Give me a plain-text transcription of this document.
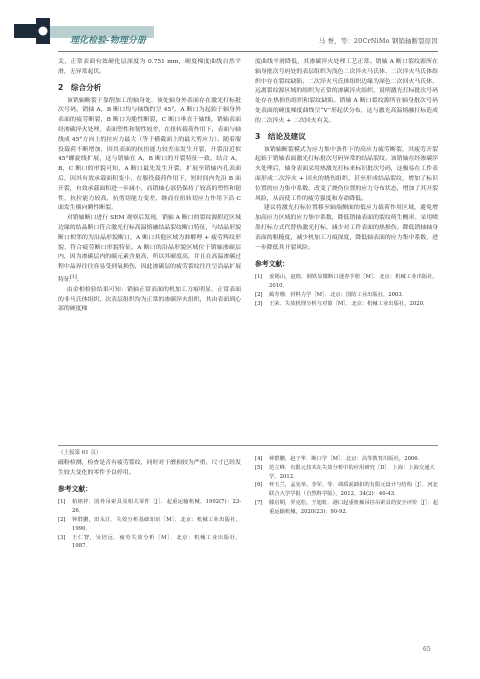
理化检验-物理分册	马 誉，等：20CrNiMo 钢销轴断裂原因

关，正常表面有效硬化层深度为 0.751 mm，硬度梯度曲线自然平滑，无异常起伏。

2　综合分析

该销轴断裂于靠削加工的轴身处，该处轴身外表面存在激光打标批次号码，销轴 A，B 断口均与轴线约呈 45°。A 断口为起始于轴身外表面的疲劳断裂，B 断口为脆性断裂，C 断口垂直于轴线。销轴表面经渗碳淬火处理，表面塑性和韧性较差，在扭转载荷作用下，表面与轴线成 45°方向上的拉应力最大（等于横截面上的最大剪应力）。随着服役载荷不断增加，因其表面的抗扭能力较差而发生开裂，开裂沿近似 45°螺旋线扩展，这与销轴在 A，B 断口的开裂特征一致。结合 A，B，C 断口的形貌可知，A 断口最先发生开裂，扩展至销轴内孔表面后，因其有效承载面积变小，在服役载荷作用下，短时间内先沿 B 面开裂，有效承载面积进一步减小，而销轴心部仍保持了较高的塑性和韧性，抗拉能力较高，抗剪切能力变差，继而在扭转切应力作用下沿 C 面发生横向瞬性断裂。

对销轴断口进行 SEM 观察后发现，销轴 A 断口的裂纹源附近区域边缘的结晶断口符合激光打标高温熔融结晶裂纹断口特征，与结晶形貌断口相邻的为沿晶形貌断口，A 断口其他区域为准解理 + 疲劳辉纹形貌，符合疲劳断口形貌特征。A 断口的沿晶形貌区域位于销轴渗碳层内，因为渗碳层内的碳元素含量高，所以其硬度高，并且在高温渗碳过程中晶界往往容易受到氧损伤，因此渗碳层的疲劳裂纹往往呈沿晶扩展特征[1]。

由金相检验结果可知：销轴正常表面的机加工刀痕明显，正常表面的非马氏体组织、次表层组织均为正常的渗碳淬火组织，其由表面到心部的硬度梯

度曲线平滑降低，其渗碳淬火处理工艺正常。销轴 A 断口裂纹源所在轴身批次号码处的表层组织为浅色二次淬火马氏体、二次淬火马氏体组织中存在裂纹缺陷，二次淬火马氏体组织边缘为深色二次回火马氏体，远离裂纹源区域的组织为正常的渗碳淬火组织，说明激光打标批次号码处存在热损伤组织和裂纹缺陷。销轴 A 断口裂纹源所在轴身批次号码处表面的硬度梯度曲线呈“V”形起伏分布，这与激光高温熔融打标造成的二次淬火 + 二次回火有关。

3　结论及建议

该销轴断裂模式为应力集中条件下的高应力疲劳断裂，其疲劳开裂起始于销轴表面激光打标批次号码异常的结晶裂纹。该销轴在经渗碳淬火处理后，轴身表面采用热激光打标来标识批次号码，这极易在工件表面形成二次淬火 + 回火的烧伤组织，甚至形成结晶裂纹，增加了标识位置的应力集中系数，改变了烧伤位置的应力分布状态，增加了其开裂风险，从而使工件的疲劳强度和寿命降低。

建议将激光打标位置移至轴端侧面的低应力载荷作用区域，避免增加高应力区域的应力集中系数，降低销轴表面的裂纹萌生概率。采用喷墨打标方式代替热激光打标，减少对工件表面的热损伤。降低销轴轴身表面的粗糙度，减少机加工刀痕深度，降低轴表面的应力集中系数，进一步降低其开裂风险。

参考文献：
[1]	姜锡山，赵晗．钢铁显微断口速查手册［M］．北京：机械工业出版社，2010．
[2]	蔺寿珊．材料力学［M］．北京：国防工业出版社，2003．
[3]	王荣．失效机理分析与对策［M］．北京：机械工业出版社，2020．
（上接第 61 页）

磁粉检测，检查是否有疲劳裂纹，同时对于磨损较为严重，尺寸已经发生较大变化的零件予以停用。

参考文献：
[1]	柏铭祥．国外吊索具及相关零件［J］．起重运输机械，1992(7)：23-26．
[2]	钟群鹏，田永江．失效分析基础知识［M］．北京：机械工业出版社，1990．
[3]	王仁智，吴培远．疲劳失效分析［M］．北京：机械工业出版社，1987．
[4]	钟群鹏，赵子华．断口学［M］．北京：高等教育出版社，2006．
[5]	范立峰．有限元技术在失效分析中的应用研究［D］．上海：上海交通大学，2012．
[6]	怀玉兰，孟宪举，李军，等．调质前卸扣的有限元设计与结构［J］．河北联合大学学报（自然科学版），2012，34(2)：40-43．
[7]	滕启期，罗克松，王旭虹．港口起重机械吊挂吊索具的安全评价［J］．起重运输机械，2020(23)：90-92．
65
